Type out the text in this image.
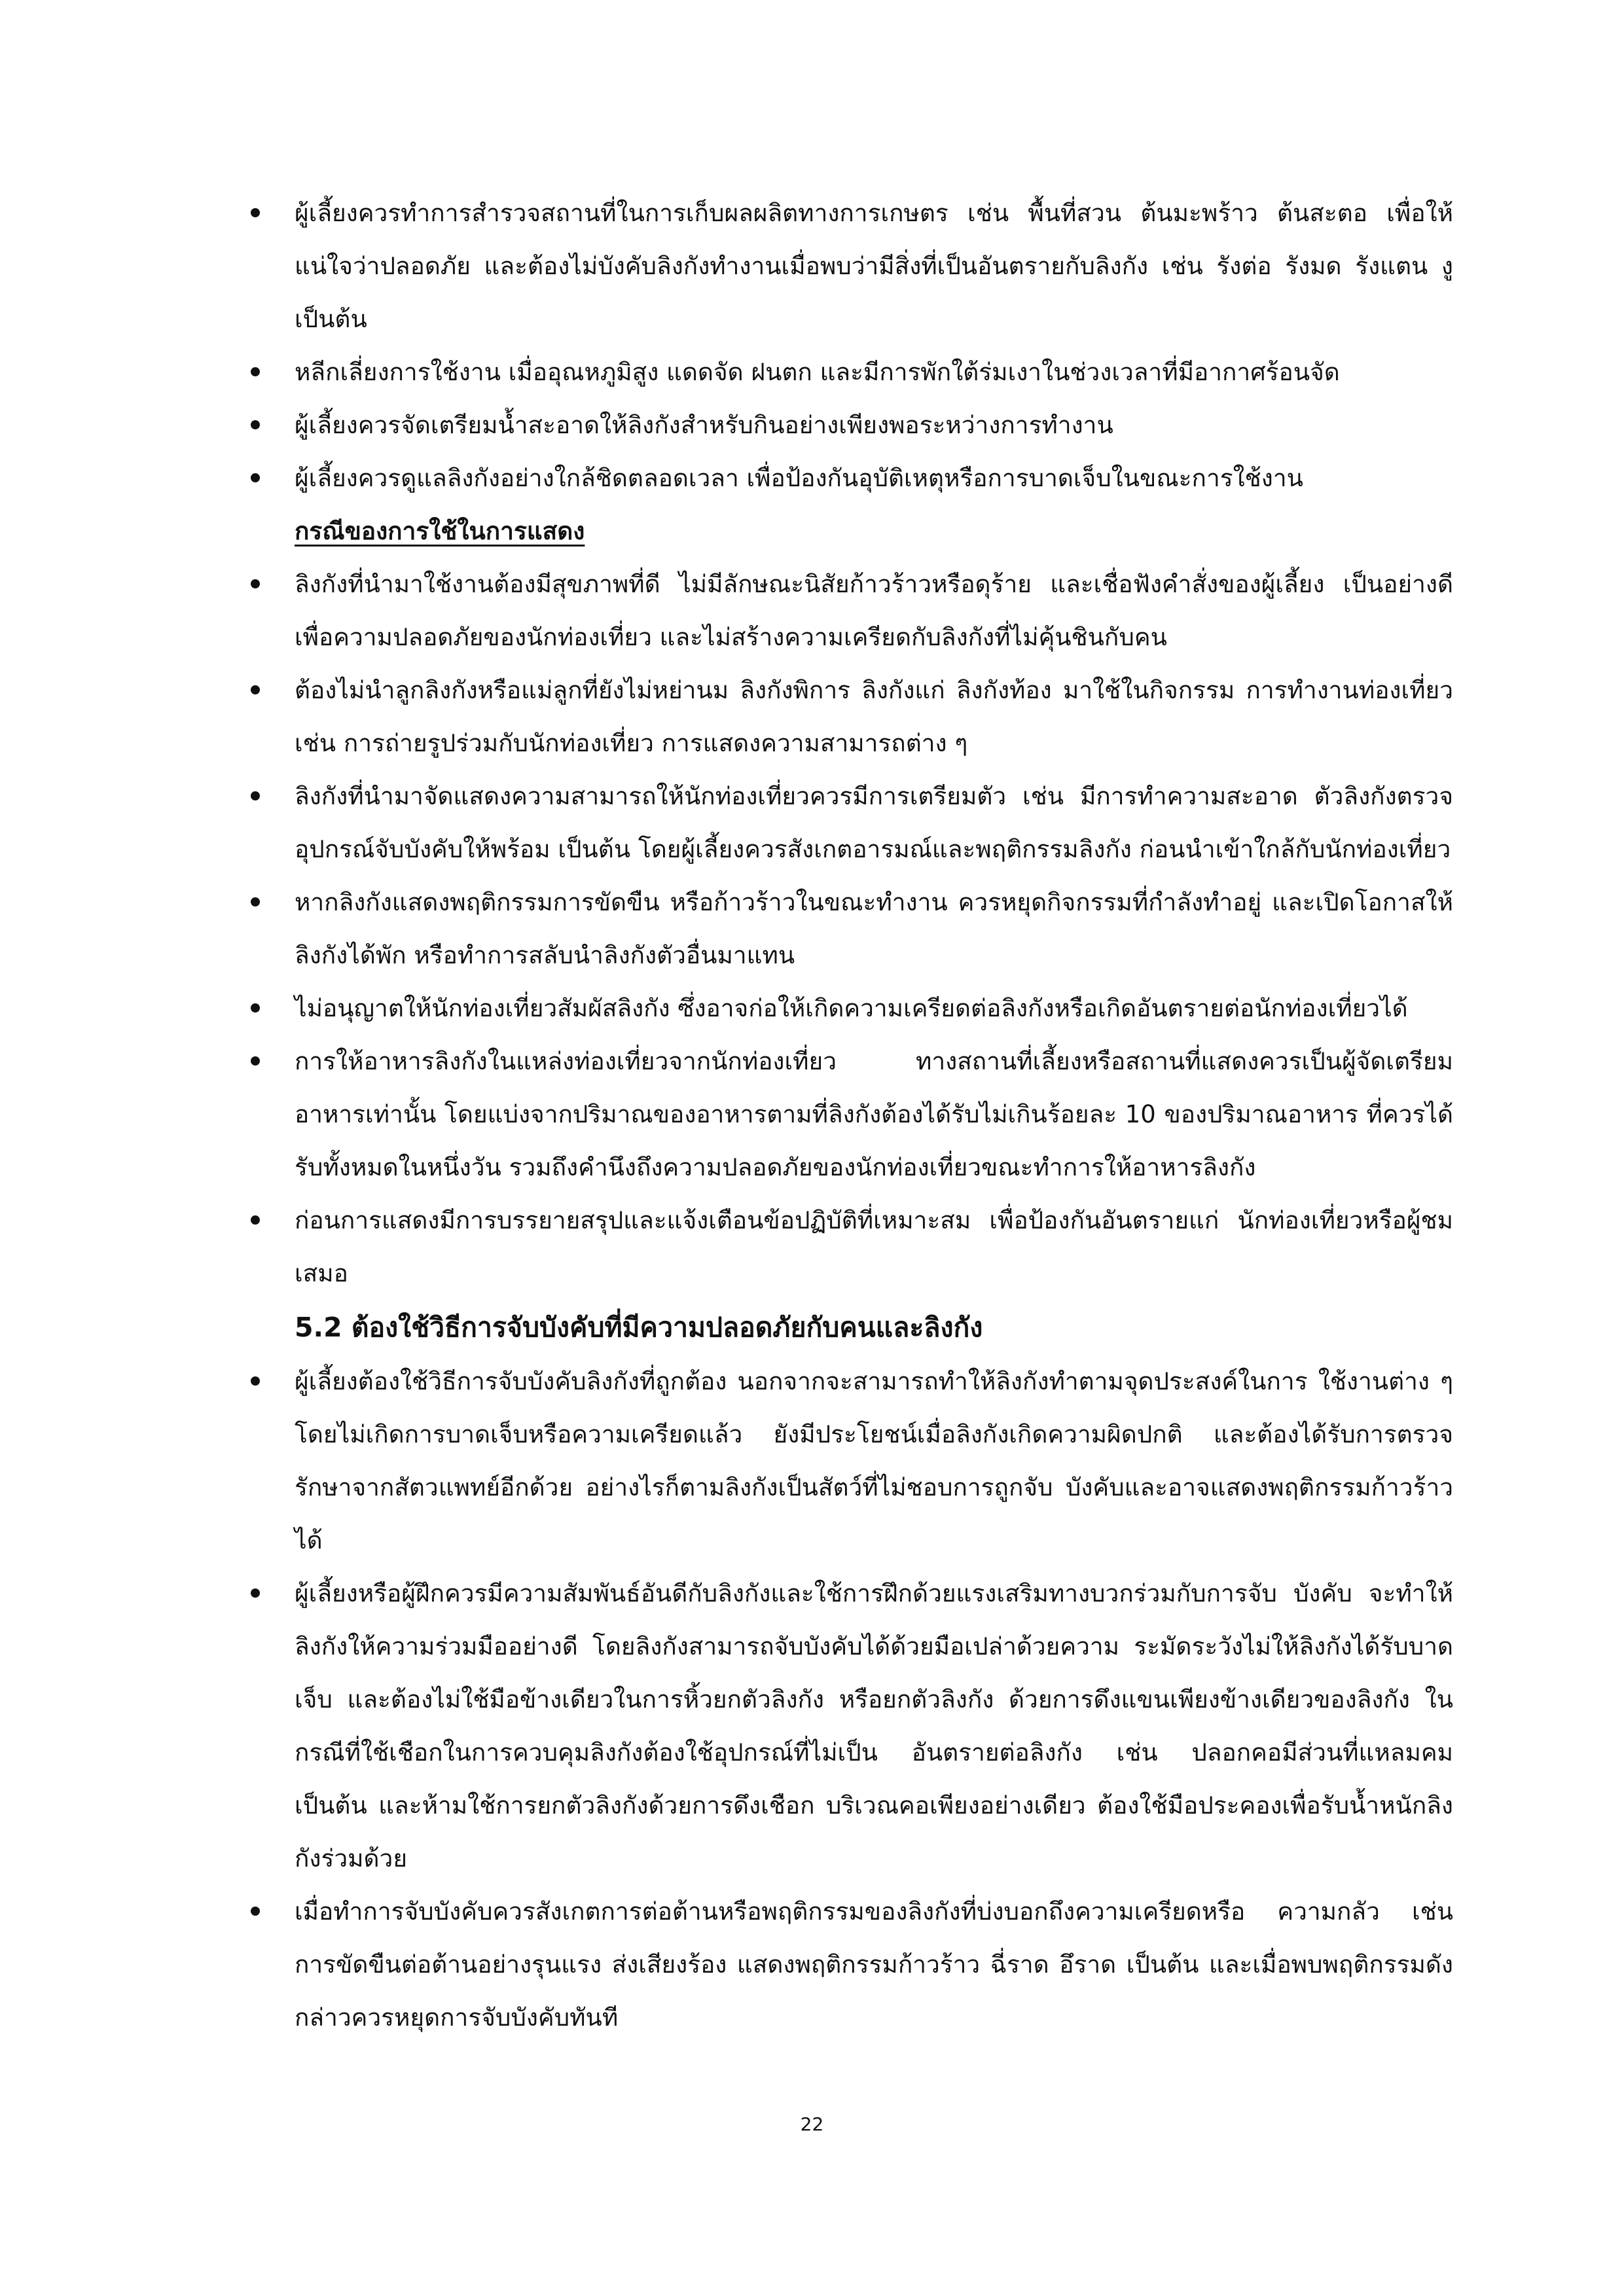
ผู้เลี้ยงควรทำการสำรวจสถานที่ในการเก็บผลผลิตทางการเกษตร เช่น พื้นที่สวน ต้นมะพร้าว ต้นสะตอ เพื่อให้แน่ใจว่าปลอดภัย และต้องไม่บังคับลิงกังทำงานเมื่อพบว่ามีสิ่งที่เป็นอันตรายกับลิงกัง เช่น รังต่อ รังมด รังแตน งู เป็นต้น
หลีกเลี่ยงการใช้งาน เมื่ออุณหภูมิสูง แดดจัด ฝนตก และมีการพักใต้ร่มเงาในช่วงเวลาที่มีอากาศร้อนจัด
ผู้เลี้ยงควรจัดเตรียมน้ำสะอาดให้ลิงกังสำหรับกินอย่างเพียงพอระหว่างการทำงาน
ผู้เลี้ยงควรดูแลลิงกังอย่างใกล้ชิดตลอดเวลา เพื่อป้องกันอุบัติเหตุหรือการบาดเจ็บในขณะการใช้งาน
กรณีของการใช้ในการแสดง
ลิงกังที่นำมาใช้งานต้องมีสุขภาพที่ดี ไม่มีลักษณะนิสัยก้าวร้าวหรือดุร้าย และเชื่อฟังคำสั่งของผู้เลี้ยง เป็นอย่างดี เพื่อความปลอดภัยของนักท่องเที่ยว และไม่สร้างความเครียดกับลิงกังที่ไม่คุ้นชินกับคน
ต้องไม่นำลูกลิงกังหรือแม่ลูกที่ยังไม่หย่านม ลิงกังพิการ ลิงกังแก่ ลิงกังท้อง มาใช้ในกิจกรรม การทำงานท่องเที่ยว เช่น การถ่ายรูปร่วมกับนักท่องเที่ยว การแสดงความสามารถต่าง ๆ
ลิงกังที่นำมาจัดแสดงความสามารถให้นักท่องเที่ยวควรมีการเตรียมตัว เช่น มีการทำความสะอาด ตัวลิงกังตรวจอุปกรณ์จับบังคับให้พร้อม เป็นต้น โดยผู้เลี้ยงควรสังเกตอารมณ์และพฤติกรรมลิงกัง ก่อนนำเข้าใกล้กับนักท่องเที่ยว
หากลิงกังแสดงพฤติกรรมการขัดขืน หรือก้าวร้าวในขณะทำงาน ควรหยุดกิจกรรมที่กำลังทำอยู่ และเปิดโอกาสให้ลิงกังได้พัก หรือทำการสลับนำลิงกังตัวอื่นมาแทน
ไม่อนุญาตให้นักท่องเที่ยวสัมผัสลิงกัง ซึ่งอาจก่อให้เกิดความเครียดต่อลิงกังหรือเกิดอันตรายต่อนักท่องเที่ยวได้
การให้อาหารลิงกังในแหล่งท่องเที่ยวจากนักท่องเที่ยว ทางสถานที่เลี้ยงหรือสถานที่แสดงควรเป็นผู้จัดเตรียม อาหารเท่านั้น โดยแบ่งจากปริมาณของอาหารตามที่ลิงกังต้องได้รับไม่เกินร้อยละ 10 ของปริมาณอาหาร ที่ควรได้รับทั้งหมดในหนึ่งวัน รวมถึงคำนึงถึงความปลอดภัยของนักท่องเที่ยวขณะทำการให้อาหารลิงกัง
ก่อนการแสดงมีการบรรยายสรุปและแจ้งเตือนข้อปฏิบัติที่เหมาะสม เพื่อป้องกันอันตรายแก่ นักท่องเที่ยวหรือผู้ชมเสมอ
5.2 ต้องใช้วิธีการจับบังคับที่มีความปลอดภัยกับคนและลิงกัง
ผู้เลี้ยงต้องใช้วิธีการจับบังคับลิงกังที่ถูกต้อง นอกจากจะสามารถทำให้ลิงกังทำตามจุดประสงค์ในการ ใช้งานต่าง ๆ โดยไม่เกิดการบาดเจ็บหรือความเครียดแล้ว ยังมีประโยชน์เมื่อลิงกังเกิดความผิดปกติ และต้องได้รับการตรวจรักษาจากสัตวแพทย์อีกด้วย อย่างไรก็ตามลิงกังเป็นสัตว์ที่ไม่ชอบการถูกจับ บังคับและอาจแสดงพฤติกรรมก้าวร้าวได้
ผู้เลี้ยงหรือผู้ฝึกควรมีความสัมพันธ์อันดีกับลิงกังและใช้การฝึกด้วยแรงเสริมทางบวกร่วมกับการจับ บังคับ จะทำให้ลิงกังให้ความร่วมมืออย่างดี โดยลิงกังสามารถจับบังคับได้ด้วยมือเปล่าด้วยความ ระมัดระวังไม่ให้ลิงกังได้รับบาดเจ็บ และต้องไม่ใช้มือข้างเดียวในการหิ้วยกตัวลิงกัง หรือยกตัวลิงกัง ด้วยการดึงแขนเพียงข้างเดียวของลิงกัง ในกรณีที่ใช้เชือกในการควบคุมลิงกังต้องใช้อุปกรณ์ที่ไม่เป็น อันตรายต่อลิงกัง เช่น ปลอกคอมีส่วนที่แหลมคม เป็นต้น และห้ามใช้การยกตัวลิงกังด้วยการดึงเชือก บริเวณคอเพียงอย่างเดียว ต้องใช้มือประคองเพื่อรับน้ำหนักลิงกังร่วมด้วย
เมื่อทำการจับบังคับควรสังเกตการต่อต้านหรือพฤติกรรมของลิงกังที่บ่งบอกถึงความเครียดหรือ ความกลัว เช่น การขัดขืนต่อต้านอย่างรุนแรง ส่งเสียงร้อง แสดงพฤติกรรมก้าวร้าว ฉี่ราด อึราด เป็นต้น และเมื่อพบพฤติกรรมดังกล่าวควรหยุดการจับบังคับทันที
22
